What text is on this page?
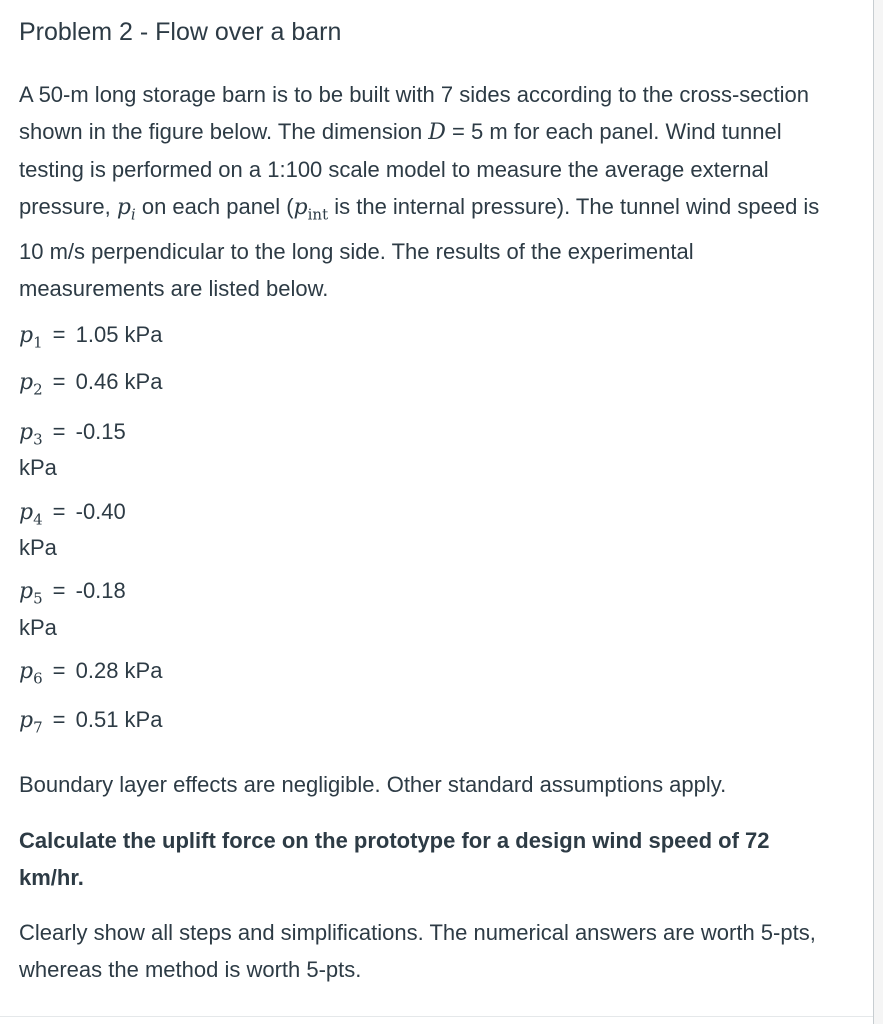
Problem 2 - Flow over a barn
A 50-m long storage barn is to be built with 7 sides according to the cross-section shown in the figure below. The dimension D = 5 m for each panel. Wind tunnel testing is performed on a 1:100 scale model to measure the average external pressure, $p_i$ on each panel ($p_{int}$ is the internal pressure). The tunnel wind speed is 10 m/s perpendicular to the long side. The results of the experimental measurements are listed below.
$p_1 = 1.05$ kPa
$p_2 = 0.46$ kPa
$p_3 = -0.15$
kPa
$p_4 = -0.40$
kPa
$p_5 = -0.18$
kPa
$p_6 = 0.28$ kPa
$p_7 = 0.51$ kPa
Boundary layer effects are negligible. Other standard assumptions apply.
Calculate the uplift force on the prototype for a design wind speed of 72 km/hr.
Clearly show all steps and simplifications. The numerical answers are worth 5-pts, whereas the method is worth 5-pts.
